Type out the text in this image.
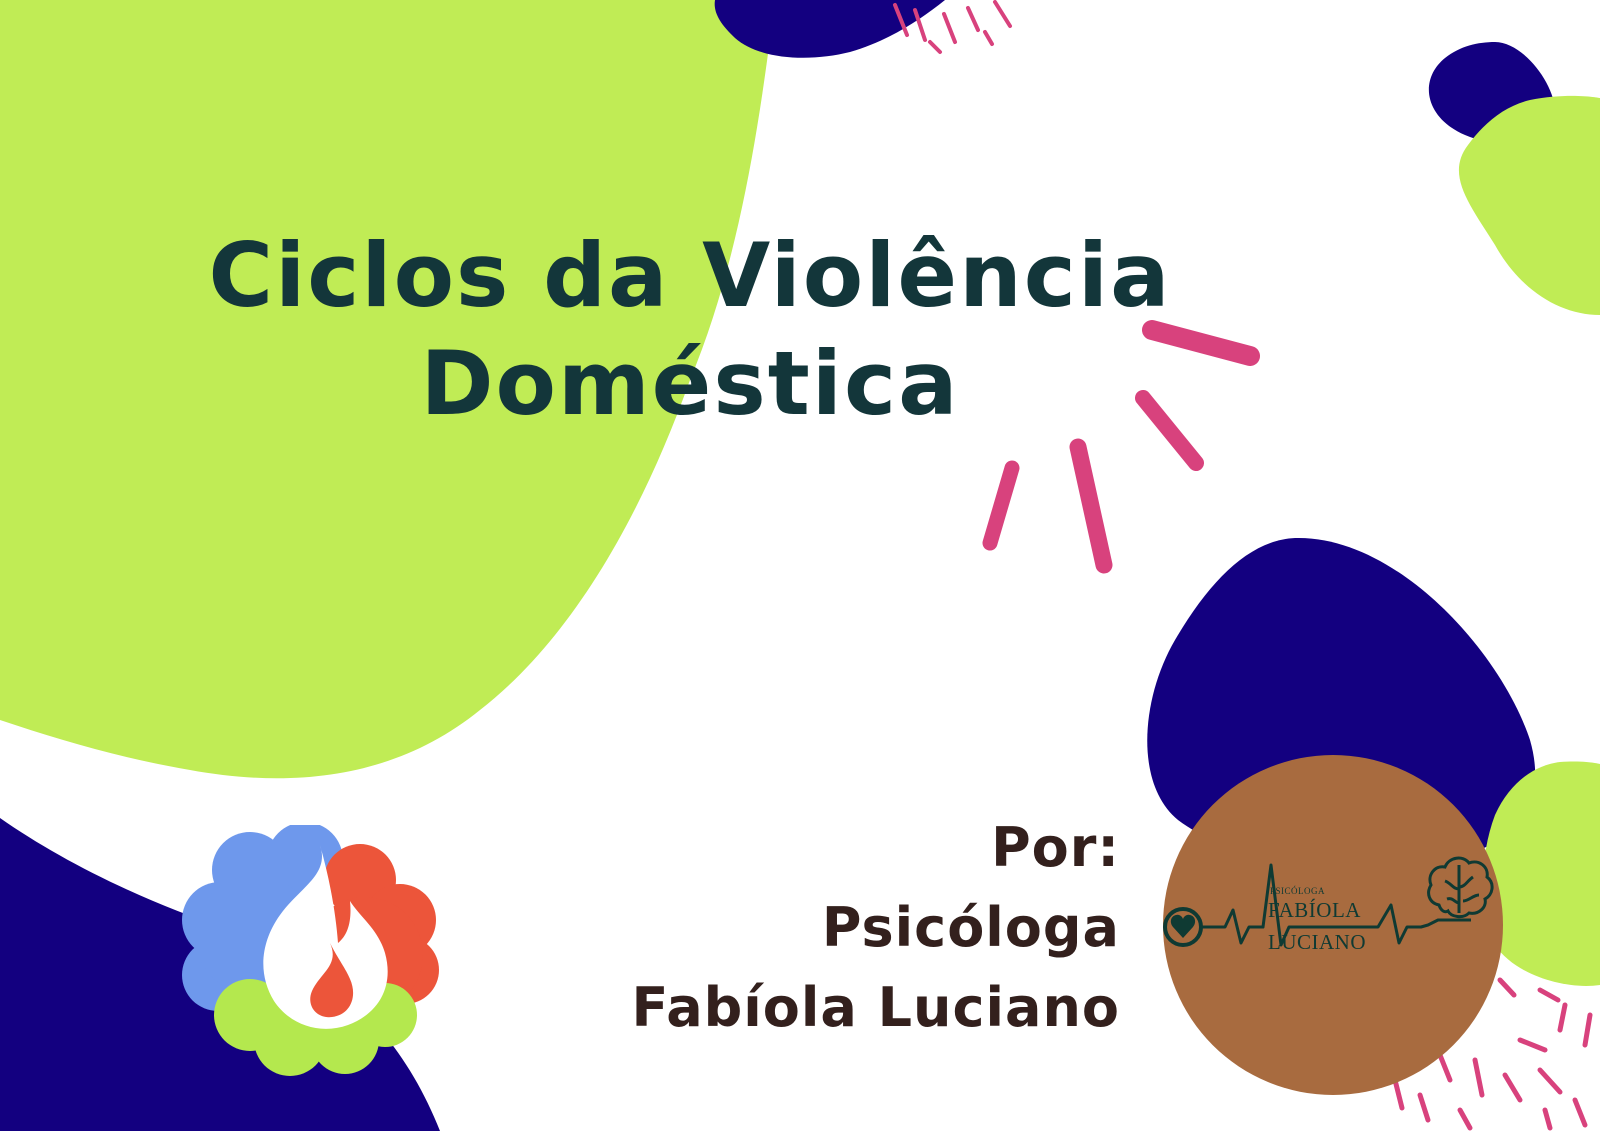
Ciclos da Violência
Doméstica
Por:
Psicóloga
Fabíola Luciano
PSICÓLOGA
FABÍOLA
LUCIANO
